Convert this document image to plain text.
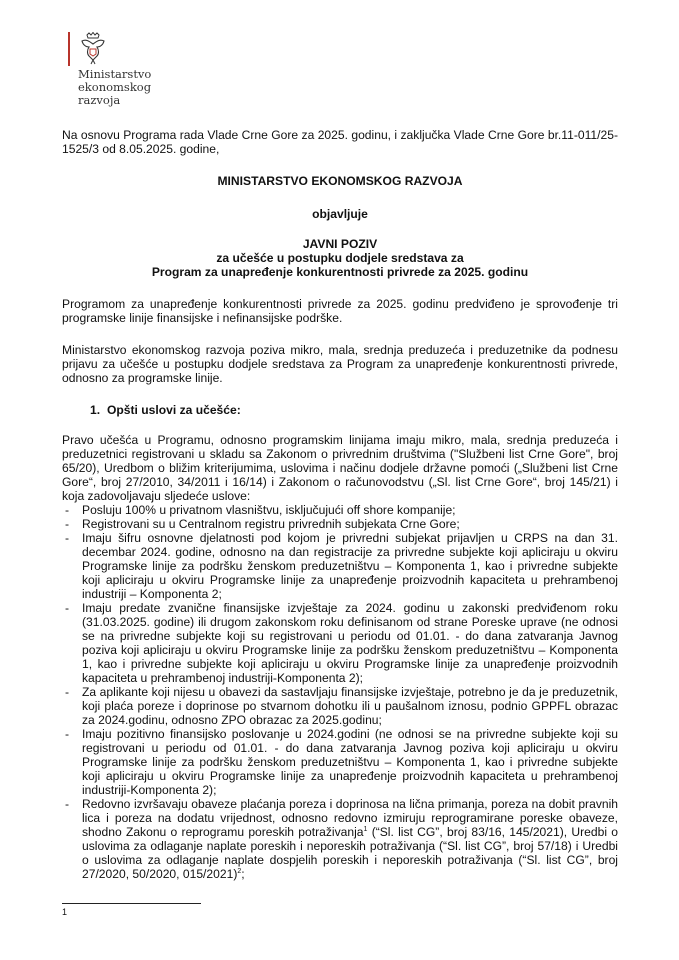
Ministarstvo
ekonomskog
razvoja

Na osnovu Programa rada Vlade Crne Gore za 2025. godinu, i zaključka Vlade Crne Gore br.11-011/25-1525/3 od 8.05.2025. godine,

MINISTARSTVO EKONOMSKOG RAZVOJA

objavljuje

JAVNI POZIV

za učešće u postupku dodjele sredstava za

Program za unapređenje konkurentnosti privrede za 2025. godinu

Programom za unapređenje konkurentnosti privrede za 2025. godinu predviđeno je sprovođenje tri programske linije finansijske i nefinansijske podrške.

Ministarstvo ekonomskog razvoja poziva mikro, mala, srednja preduzeća i preduzetnike da podnesu prijavu za učešće u postupku dodjele sredstava za Program za unapređenje konkurentnosti privrede, odnosno za programske linije.

1. Opšti uslovi za učešće:

Pravo učešća u Programu, odnosno programskim linijama imaju mikro, mala, srednja preduzeća i preduzetnici registrovani u skladu sa Zakonom o privrednim društvima ("Službeni list Crne Gore", broj 65/20), Uredbom o bližim kriterijumima, uslovima i načinu dodjele državne pomoći („Službeni list Crne Gore“, broj 27/2010, 34/2011 i 16/14) i Zakonom o računovodstvu („Sl. list Crne Gore“, broj 145/21) i koja zadovoljavaju sljedeće uslove:

- Posluju 100% u privatnom vlasništvu, isključujući off shore kompanije;
- Registrovani su u Centralnom registru privrednih subjekata Crne Gore;
- Imaju šifru osnovne djelatnosti pod kojom je privredni subjekat prijavljen u CRPS na dan 31. decembar 2024. godine, odnosno na dan registracije za privredne subjekte koji apliciraju u okviru Programske linije za podršku ženskom preduzetništvu – Komponenta 1, kao i privredne subjekte koji apliciraju u okviru Programske linije za unapređenje proizvodnih kapaciteta u prehrambenoj industriji – Komponenta 2;
- Imaju predate zvanične finansijske izvještaje za 2024. godinu u zakonski predviđenom roku (31.03.2025. godine) ili drugom zakonskom roku definisanom od strane Poreske uprave (ne odnosi se na privredne subjekte koji su registrovani u periodu od 01.01. - do dana zatvaranja Javnog poziva koji apliciraju u okviru Programske linije za podršku ženskom preduzetništvu – Komponenta 1, kao i privredne subjekte koji apliciraju u okviru Programske linije za unapređenje proizvodnih kapaciteta u prehrambenoj industriji-Komponenta 2);
- Za aplikante koji nijesu u obavezi da sastavljaju finansijske izvještaje, potrebno je da je preduzetnik, koji plaća poreze i doprinose po stvarnom dohotku ili u paušalnom iznosu, podnio GPPFL obrazac za 2024.godinu, odnosno ZPO obrazac za 2025.godinu;
- Imaju pozitivno finansijsko poslovanje u 2024.godini (ne odnosi se na privredne subjekte koji su registrovani u periodu od 01.01. - do dana zatvaranja Javnog poziva koji apliciraju u okviru Programske linije za podršku ženskom preduzetništvu – Komponenta 1, kao i privredne subjekte koji apliciraju u okviru Programske linije za unapređenje proizvodnih kapaciteta u prehrambenoj industriji-Komponenta 2);
- Redovno izvršavaju obaveze plaćanja poreza i doprinosa na lična primanja, poreza na dobit pravnih lica i poreza na dodatu vrijednost, odnosno redovno izmiruju reprogramirane poreske obaveze, shodno Zakonu o reprogramu poreskih potraživanja$^1$ (“Sl. list CG”, broj 83/16, 145/2021), Uredbi o uslovima za odlaganje naplate poreskih i neporeskih potraživanja (“Sl. list CG”, broj 57/18) i Uredbi o uslovima za odlaganje naplate dospjelih poreskih i neporeskih potraživanja (“Sl. list CG”, broj 27/2020, 50/2020, 015/2021)$^2$;
1
